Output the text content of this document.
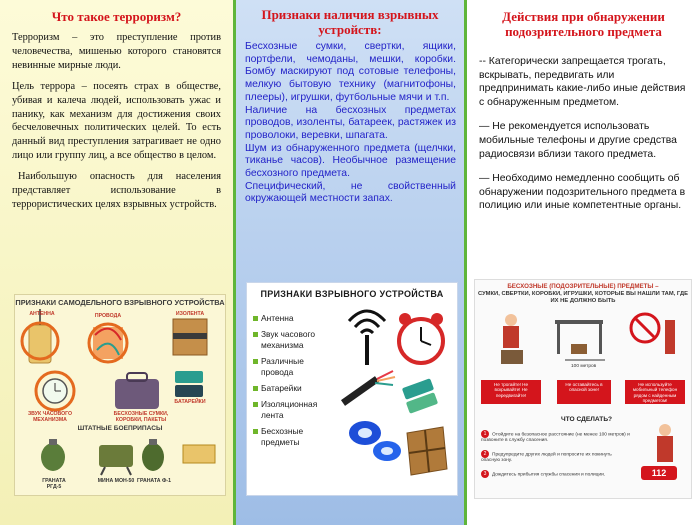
Что такое терроризм?

Терроризм – это преступление против человечества, мишенью которого становятся невинные мирные люди.

Цель террора – посеять страх в обществе, убивая и калеча людей, использовать ужас и панику, как механизм для достижения своих бесчеловечных политических целей. То есть данный вид преступления затрагивает не одно лицо или группу лиц, а все общество в целом.

Наибольшую опасность для населения представляет использование в террористических целях взрывных устройств.

ПРИЗНАКИ САМОДЕЛЬНОГО ВЗРЫВНОГО УСТРОЙСТВА
АНТЕННА	ПРОВОДА	ИЗОЛЕНТА
БАТАРЕЙКИ
ЗВУК ЧАСОВОГО МЕХАНИЗМА
БЕСХОЗНЫЕ СУМКИ, КОРОБКИ, ПАКЕТЫ
ШТАТНЫЕ БОЕПРИПАСЫ
ГРАНАТА РГД-5
МИНА МОН-50 ГРАНАТА Ф-1
Признаки наличия взрывных устройств:

Бесхозные сумки, свертки, ящики, портфели, чемоданы, мешки, коробки. Бомбу маскируют под сотовые телефоны, мелкую бытовую технику (магнитофоны, плееры), игрушки, футбольные мячи и т.п.

Наличие на бесхозных предметах проводов, изоленты, батареек, растяжек из проволоки, веревки, шпагата.

Шум из обнаруженного предмета (щелчки, тиканье часов). Необычное размещение бесхозного предмета.

Специфический, не свойственный окружающей местности запах.

ПРИЗНАКИ ВЗРЫВНОГО УСТРОЙСТВА
Антенна
Звук часового механизма
Различные провода
Батарейки
Изоляционная лента
Бесхозные предметы
Действия при обнаружении подозрительного предмета

-- Категорически запрещается трогать, вскрывать, передвигать или предпринимать какие-либо иные действия с обнаруженным предметом.

— Не рекомендуется использовать мобильные телефоны и другие средства радиосвязи вблизи такого предмета.

— Необходимо немедленно сообщить об обнаружении подозрительного предмета в полицию или иные компетентные органы.

БЕСХОЗНЫЕ (ПОДОЗРИТЕЛЬНЫЕ) ПРЕДМЕТЫ –
СУМКИ, СВЕРТКИ, КОРОБКИ, ИГРУШКИ, КОТОРЫЕ ВЫ НАШЛИ ТАМ, ГДЕ ИХ НЕ ДОЛЖНО БЫТЬ
100 метров
Не трогайте! Не вскрывайте! Не передвигайте!
Не оставайтесь в опасной зоне!
Не используйте мобильный телефон рядом с найденным предметом!
ЧТО СДЕЛАТЬ?
1 Отойдите на безопасное расстояние (не менее 100 метров) и позвоните в службу спасения.
2 Предупредите других людей и попросите их покинуть опасную зону.
3 Дождитесь прибытия службы спасения и полиции.	112
